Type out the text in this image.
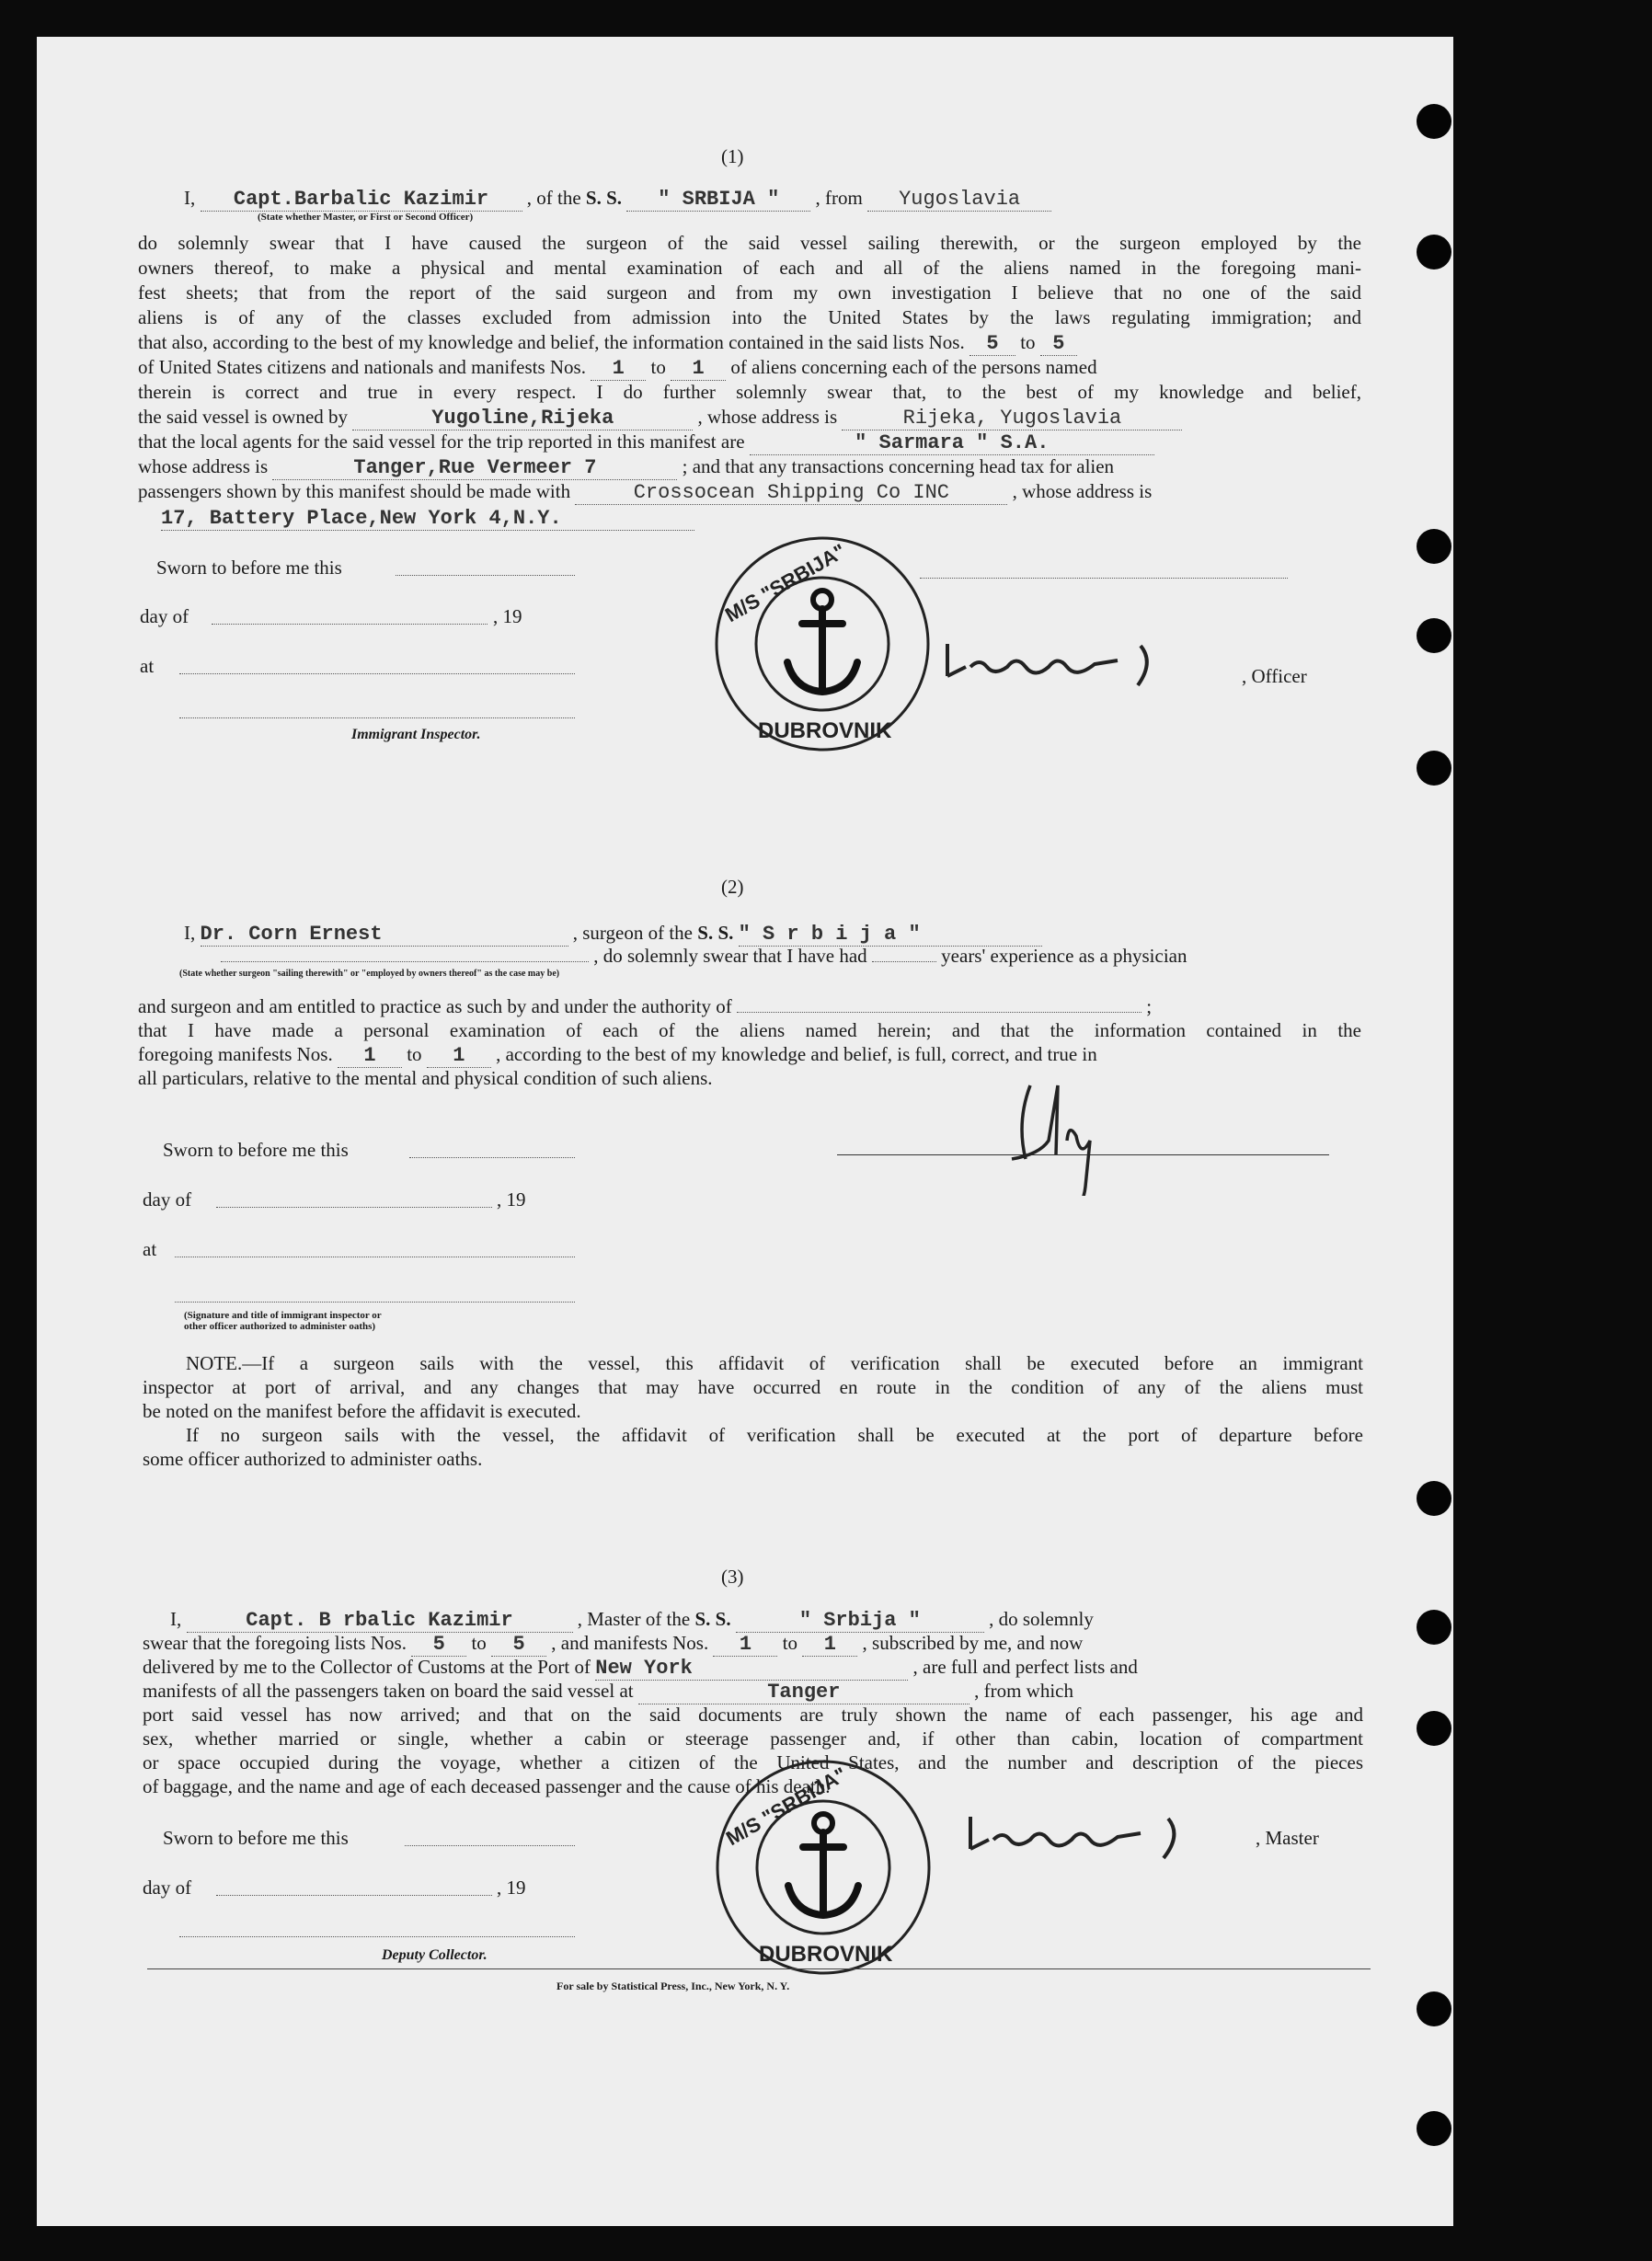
(1)
I, Capt.Barbalic Kazimir , of the S. S. " SRBIJA " , from Yugoslavia
(State whether Master, or First or Second Officer)
do solemnly swear that I have caused the surgeon of the said vessel sailing therewith, or the surgeon employed by the
owners thereof, to make a physical and mental examination of each and all of the aliens named in the foregoing mani-
fest sheets; that from the report of the said surgeon and from my own investigation I believe that no one of the said
aliens is of any of the classes excluded from admission into the United States by the laws regulating immigration; and
that also, according to the best of my knowledge and belief, the information contained in the said lists Nos. 5 to 5
of United States citizens and nationals and manifests Nos. 1 to 1 of aliens concerning each of the persons named
therein is correct and true in every respect. I do further solemnly swear that, to the best of my knowledge and belief,
the said vessel is owned by	Yugoline,Rijeka	, whose address is	Rijeka, Yugoslavia
that the local agents for the said vessel for the trip reported in this manifest are	" Sarmara " S.A.
whose address is	Tanger,Rue Vermeer 7	; and that any transactions concerning head tax for alien
passengers shown by this manifest should be made with	Crossocean Shipping Co INC	, whose address is
17, Battery Place,New York 4,N.Y.
Sworn to before me this
day of	, 19
at
Immigrant Inspector.
M/S "SRBIJA"
DUBROVNIK
, Officer
(2)
I, Dr. Corn Ernest	, surgeon of the S. S. " S r b i j a "
, do solemnly swear that I have had	years' experience as a physician
(State whether surgeon "sailing therewith" or "employed by owners thereof" as the case may be)
and surgeon and am entitled to practice as such by and under the authority of	;
that I have made a personal examination of each of the aliens named herein; and that the information contained in the
foregoing manifests Nos. 1 to 1 , according to the best of my knowledge and belief, is full, correct, and true in
all particulars, relative to the mental and physical condition of such aliens.
Sworn to before me this
day of	, 19
at
(Signature and title of immigrant inspector or
other officer authorized to administer oaths)
NOTE.—If a surgeon sails with the vessel, this affidavit of verification shall be executed before an immigrant
inspector at port of arrival, and any changes that may have occurred en route in the condition of any of the aliens must
be noted on the manifest before the affidavit is executed.
If no surgeon sails with the vessel, the affidavit of verification shall be executed at the port of departure before
some officer authorized to administer oaths.
(3)
I,	Capt. B rbalic Kazimir	, Master of the S. S.	" Srbija "	, do solemnly
swear that the foregoing lists Nos. 5 to 5 , and manifests Nos. 1 to 1 , subscribed by me, and now
delivered by me to the Collector of Customs at the Port of New York	, are full and perfect lists and
manifests of all the passengers taken on board the said vessel at	Tanger	, from which
port said vessel has now arrived; and that on the said documents are truly shown the name of each passenger, his age and
sex, whether married or single, whether a cabin or steerage passenger and, if other than cabin, location of compartment
or space occupied during the voyage, whether a citizen of the United States, and the number and description of the pieces
of baggage, and the name and age of each deceased passenger and the cause of his death.
Sworn to before me this
day of	, 19
Deputy Collector.
M/S "SRBIJA"
DUBROVNIK
, Master
For sale by Statistical Press, Inc., New York, N. Y.
